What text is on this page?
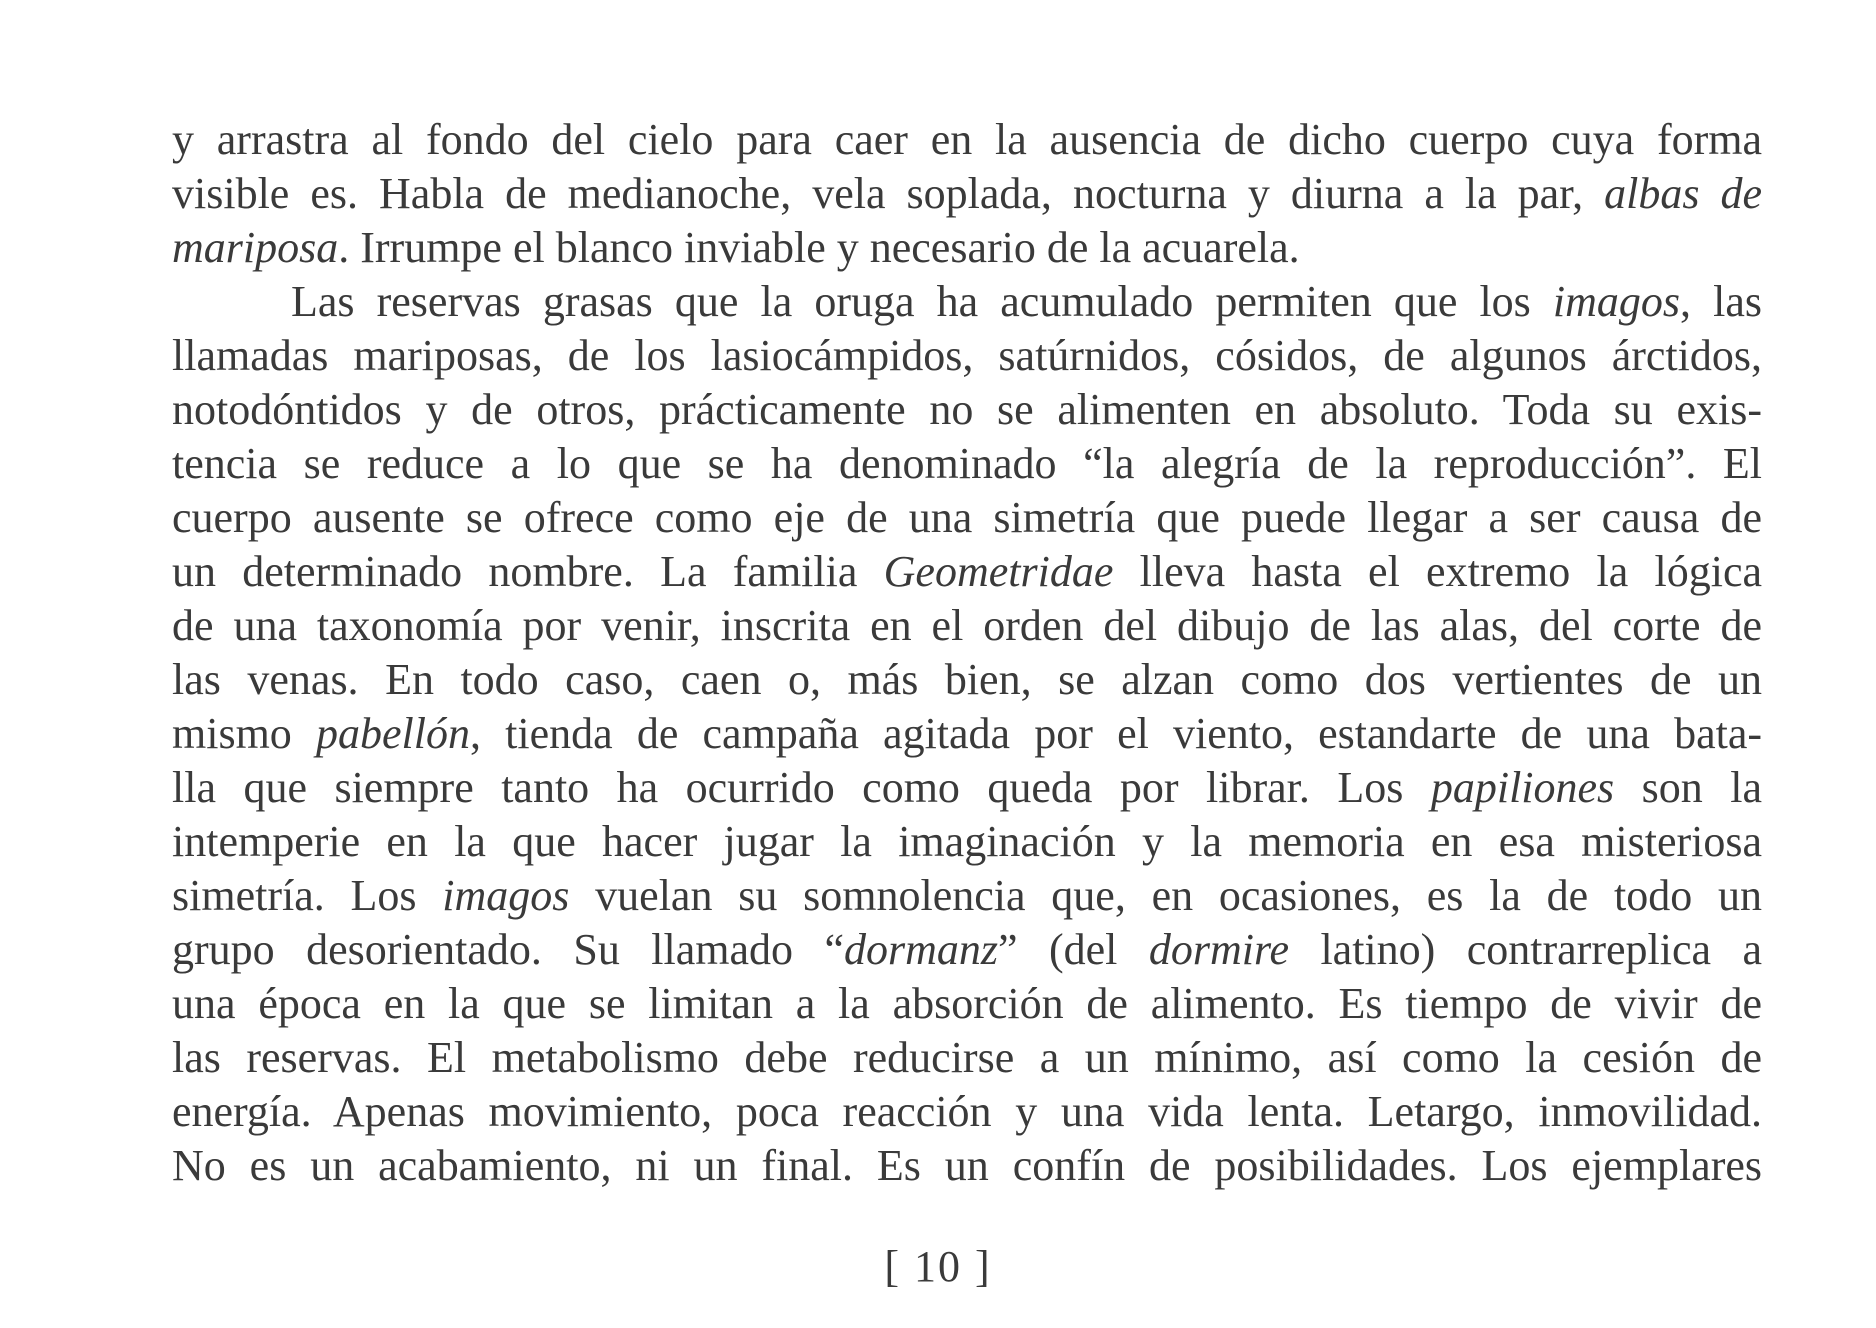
y arrastra al fondo del cielo para caer en la ausencia de dicho cuerpo cuya forma
visible es. Habla de medianoche, vela soplada, nocturna y diurna a la par, albas de
mariposa. Irrumpe el blanco inviable y necesario de la acuarela.
Las reservas grasas que la oruga ha acumulado permiten que los imagos, las
llamadas mariposas, de los lasiocámpidos, satúrnidos, cósidos, de algunos árctidos,
notodóntidos y de otros, prácticamente no se alimenten en absoluto. Toda su exis-
tencia se reduce a lo que se ha denominado “la alegría de la reproducción”. El
cuerpo ausente se ofrece como eje de una simetría que puede llegar a ser causa de
un determinado nombre. La familia Geometridae lleva hasta el extremo la lógica
de una taxonomía por venir, inscrita en el orden del dibujo de las alas, del corte de
las venas. En todo caso, caen o, más bien, se alzan como dos vertientes de un
mismo pabellón, tienda de campaña agitada por el viento, estandarte de una bata-
lla que siempre tanto ha ocurrido como queda por librar. Los papiliones son la
intemperie en la que hacer jugar la imaginación y la memoria en esa misteriosa
simetría. Los imagos vuelan su somnolencia que, en ocasiones, es la de todo un
grupo desorientado. Su llamado “dormanz” (del dormire latino) contrarreplica a
una época en la que se limitan a la absorción de alimento. Es tiempo de vivir de
las reservas. El metabolismo debe reducirse a un mínimo, así como la cesión de
energía. Apenas movimiento, poca reacción y una vida lenta. Letargo, inmovilidad.
No es un acabamiento, ni un final. Es un confín de posibilidades. Los ejemplares
[ 10 ]
